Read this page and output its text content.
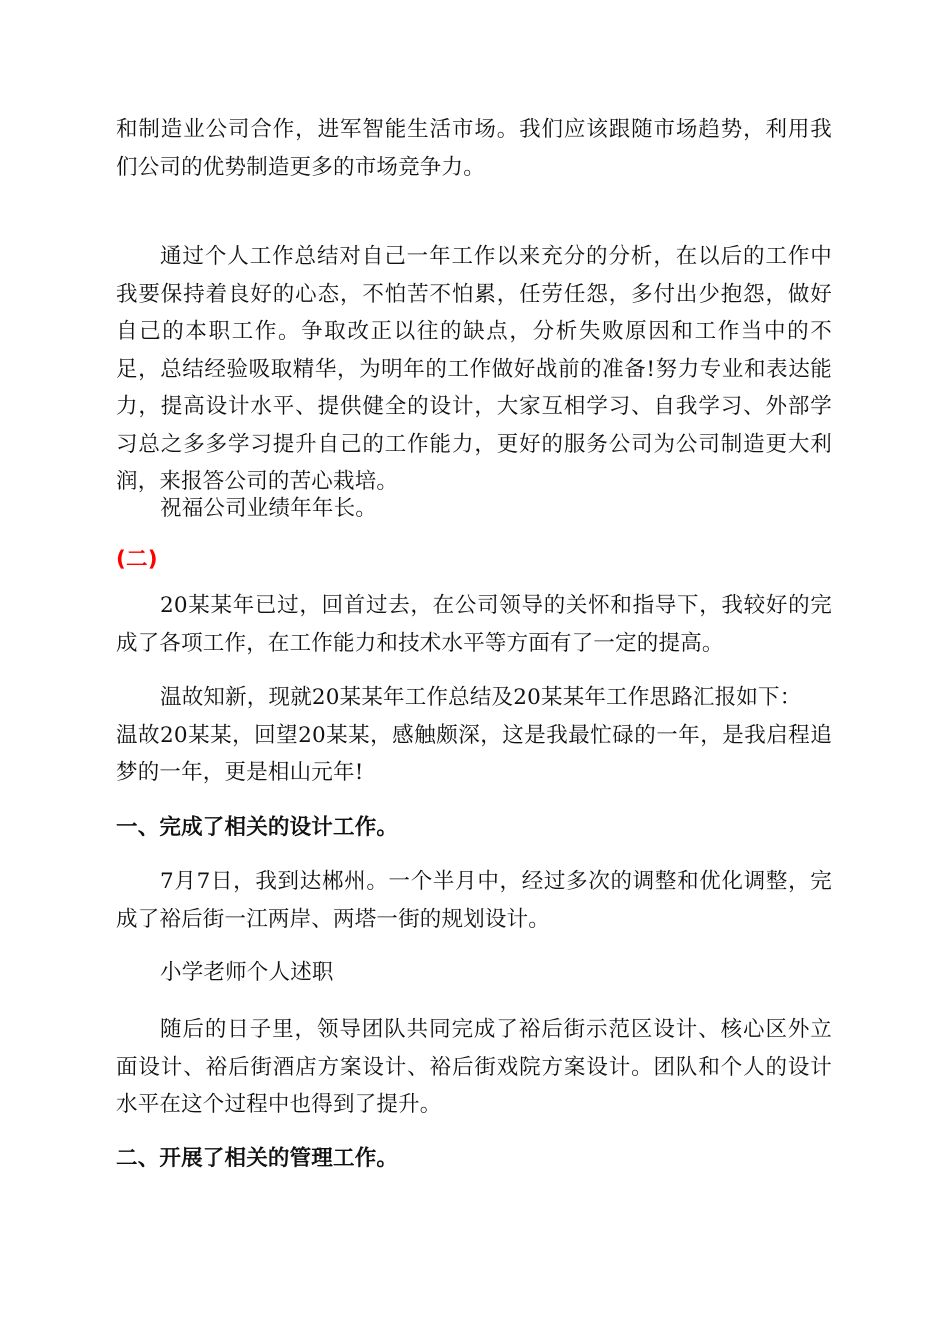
和制造业公司合作，进军智能生活市场。我们应该跟随市场趋势，利用我们公司的优势制造更多的市场竞争力。

通过个人工作总结对自己一年工作以来充分的分析，在以后的工作中我要保持着良好的心态，不怕苦不怕累，任劳任怨，多付出少抱怨，做好自己的本职工作。争取改正以往的缺点，分析失败原因和工作当中的不足，总结经验吸取精华，为明年的工作做好战前的准备!努力专业和表达能力，提高设计水平、提供健全的设计，大家互相学习、自我学习、外部学习总之多多学习提升自己的工作能力，更好的服务公司为公司制造更大利润，来报答公司的苦心栽培。

祝福公司业绩年年长。

(二)

20某某年已过，回首过去，在公司领导的关怀和指导下，我较好的完成了各项工作，在工作能力和技术水平等方面有了一定的提高。

温故知新，现就20某某年工作总结及20某某年工作思路汇报如下：
温故20某某，回望20某某，感触颇深，这是我最忙碌的一年，是我启程追梦的一年，更是相山元年!

一、完成了相关的设计工作。

7月7日，我到达郴州。一个半月中，经过多次的调整和优化调整，完成了裕后街一江两岸、两塔一街的规划设计。

小学老师个人述职

随后的日子里，领导团队共同完成了裕后街示范区设计、核心区外立面设计、裕后街酒店方案设计、裕后街戏院方案设计。团队和个人的设计水平在这个过程中也得到了提升。

二、开展了相关的管理工作。
